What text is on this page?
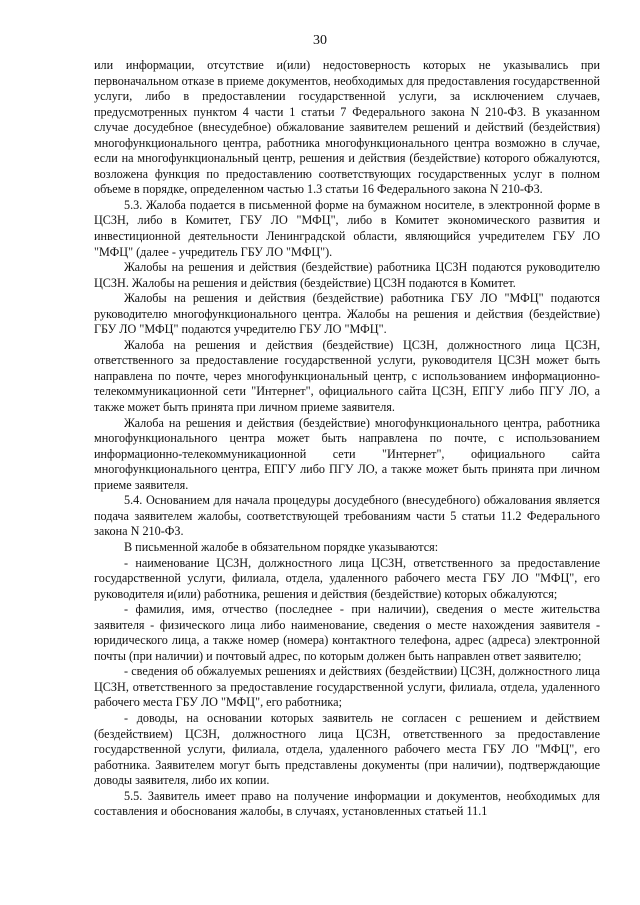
30

или информации, отсутствие и(или) недостоверность которых не указывались при первоначальном отказе в приеме документов, необходимых для предоставления государственной услуги, либо в предоставлении государственной услуги, за исключением случаев, предусмотренных пунктом 4 части 1 статьи 7 Федерального закона N 210-ФЗ. В указанном случае досудебное (внесудебное) обжалование заявителем решений и действий (бездействия) многофункционального центра, работника многофункционального центра возможно в случае, если на многофункциональный центр, решения и действия (бездействие) которого обжалуются, возложена функция по предоставлению соответствующих государственных услуг в полном объеме в порядке, определенном частью 1.3 статьи 16 Федерального закона N 210-ФЗ.

5.3. Жалоба подается в письменной форме на бумажном носителе, в электронной форме в ЦСЗН, либо в Комитет, ГБУ ЛО "МФЦ", либо в Комитет экономического развития и инвестиционной деятельности Ленинградской области, являющийся учредителем ГБУ ЛО "МФЦ" (далее - учредитель ГБУ ЛО "МФЦ").

Жалобы на решения и действия (бездействие) работника ЦСЗН подаются руководителю ЦСЗН. Жалобы на решения и действия (бездействие) ЦСЗН подаются в Комитет.

Жалобы на решения и действия (бездействие) работника ГБУ ЛО "МФЦ" подаются руководителю многофункционального центра. Жалобы на решения и действия (бездействие) ГБУ ЛО "МФЦ" подаются учредителю ГБУ ЛО "МФЦ".

Жалоба на решения и действия (бездействие) ЦСЗН, должностного лица ЦСЗН, ответственного за предоставление государственной услуги, руководителя ЦСЗН может быть направлена по почте, через многофункциональный центр, с использованием информационно-телекоммуникационной сети "Интернет", официального сайта ЦСЗН, ЕПГУ либо ПГУ ЛО, а также может быть принята при личном приеме заявителя.

Жалоба на решения и действия (бездействие) многофункционального центра, работника многофункционального центра может быть направлена по почте, с использованием информационно-телекоммуникационной сети "Интернет", официального сайта многофункционального центра, ЕПГУ либо ПГУ ЛО, а также может быть принята при личном приеме заявителя.

5.4. Основанием для начала процедуры досудебного (внесудебного) обжалования является подача заявителем жалобы, соответствующей требованиям части 5 статьи 11.2 Федерального закона N 210-ФЗ.

В письменной жалобе в обязательном порядке указываются:

- наименование ЦСЗН, должностного лица ЦСЗН, ответственного за предоставление государственной услуги, филиала, отдела, удаленного рабочего места ГБУ ЛО "МФЦ", его руководителя и(или) работника, решения и действия (бездействие) которых обжалуются;

- фамилия, имя, отчество (последнее - при наличии), сведения о месте жительства заявителя - физического лица либо наименование, сведения о месте нахождения заявителя - юридического лица, а также номер (номера) контактного телефона, адрес (адреса) электронной почты (при наличии) и почтовый адрес, по которым должен быть направлен ответ заявителю;

- сведения об обжалуемых решениях и действиях (бездействии) ЦСЗН, должностного лица ЦСЗН, ответственного за предоставление государственной услуги, филиала, отдела, удаленного рабочего места ГБУ ЛО "МФЦ", его работника;

- доводы, на основании которых заявитель не согласен с решением и действием (бездействием) ЦСЗН, должностного лица ЦСЗН, ответственного за предоставление государственной услуги, филиала, отдела, удаленного рабочего места ГБУ ЛО "МФЦ", его работника. Заявителем могут быть представлены документы (при наличии), подтверждающие доводы заявителя, либо их копии.

5.5. Заявитель имеет право на получение информации и документов, необходимых для составления и обоснования жалобы, в случаях, установленных статьей 11.1
